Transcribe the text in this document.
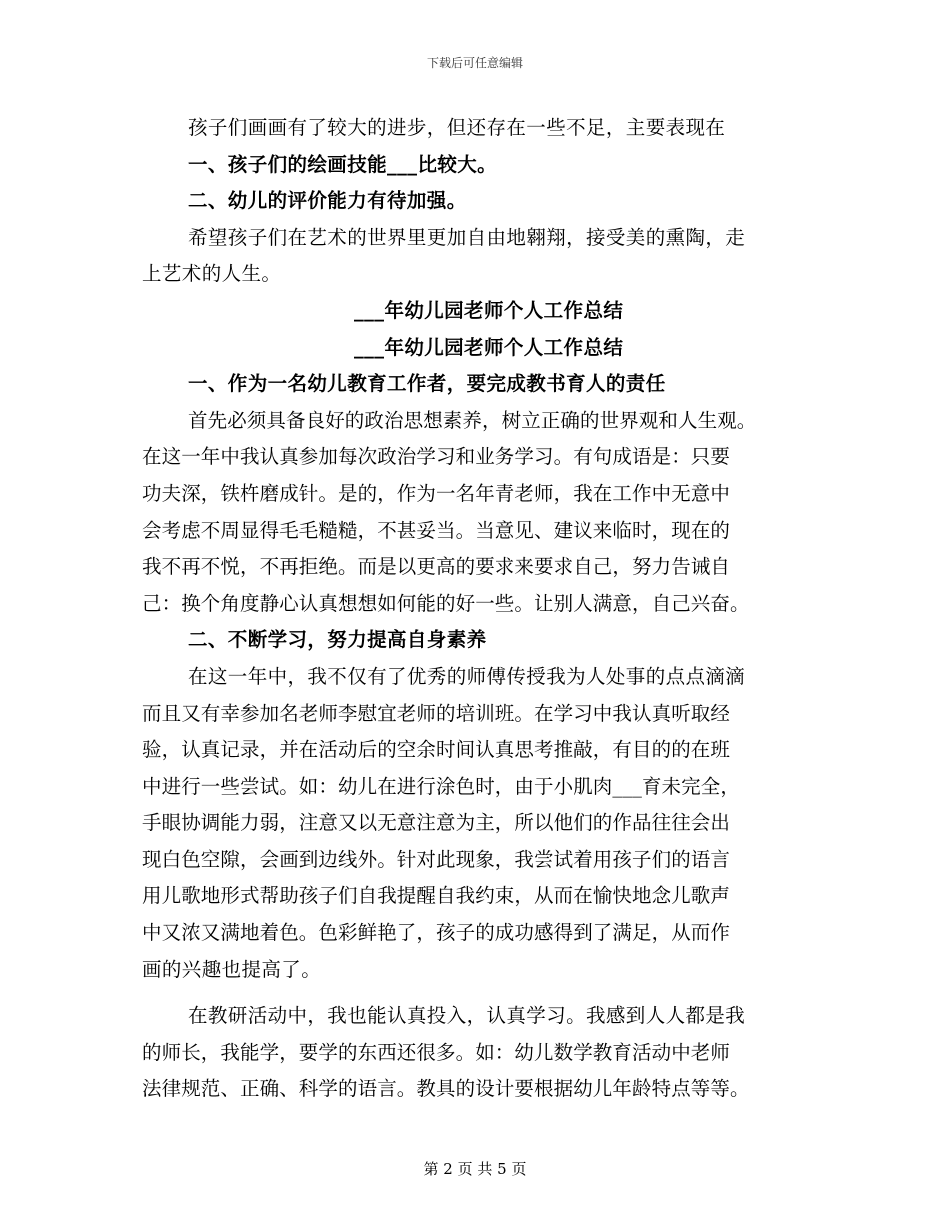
下载后可任意编辑

孩子们画画有了较大的进步，但还存在一些不足，主要表现在

一、孩子们的绘画技能___比较大。

二、幼儿的评价能力有待加强。

希望孩子们在艺术的世界里更加自由地翱翔，接受美的熏陶，走

上艺术的人生。

___年幼儿园老师个人工作总结

___年幼儿园老师个人工作总结

一、作为一名幼儿教育工作者，要完成教书育人的责任

首先必须具备良好的政治思想素养，树立正确的世界观和人生观。

在这一年中我认真参加每次政治学习和业务学习。有句成语是：只要

功夫深，铁杵磨成针。是的，作为一名年青老师，我在工作中无意中

会考虑不周显得毛毛糙糙，不甚妥当。当意见、建议来临时，现在的

我不再不悦，不再拒绝。而是以更高的要求来要求自己，努力告诫自

己：换个角度静心认真想想如何能的好一些。让别人满意，自己兴奋。

二、不断学习，努力提高自身素养

在这一年中，我不仅有了优秀的师傅传授我为人处事的点点滴滴

而且又有幸参加名老师李慰宜老师的培训班。在学习中我认真听取经

验，认真记录，并在活动后的空余时间认真思考推敲，有目的的在班

中进行一些尝试。如：幼儿在进行涂色时，由于小肌肉___育未完全，

手眼协调能力弱，注意又以无意注意为主，所以他们的作品往往会出

现白色空隙，会画到边线外。针对此现象，我尝试着用孩子们的语言

用儿歌地形式帮助孩子们自我提醒自我约束，从而在愉快地念儿歌声

中又浓又满地着色。色彩鲜艳了，孩子的成功感得到了满足，从而作

画的兴趣也提高了。

在教研活动中，我也能认真投入，认真学习。我感到人人都是我

的师长，我能学，要学的东西还很多。如：幼儿数学教育活动中老师

法律规范、正确、科学的语言。教具的设计要根据幼儿年龄特点等等。

第 2 页 共 5 页
